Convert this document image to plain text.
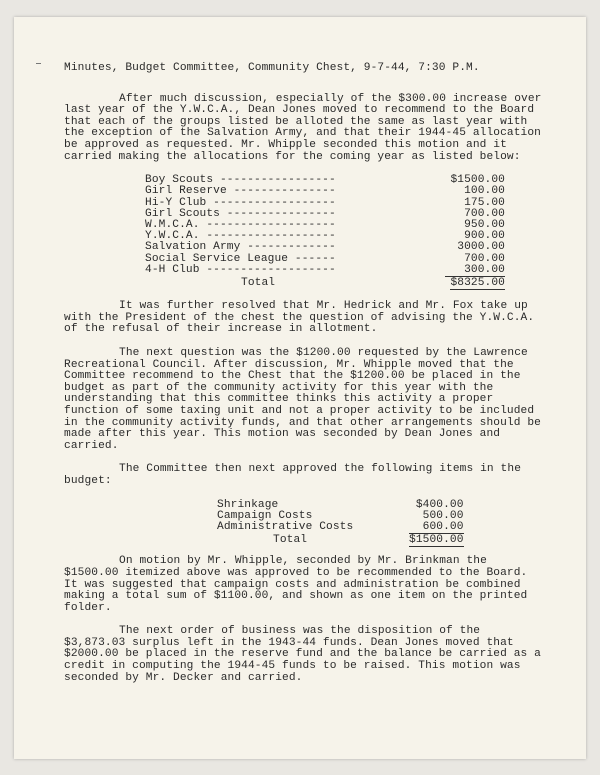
Minutes, Budget Committee, Community Chest, 9-7-44, 7:30 P.M.

After much discussion, especially of the $300.00 increase over last year of the Y.W.C.A., Dean Jones moved to recommend to the Board that each of the groups listed be alloted the same as last year with the exception of the Salvation Army, and that their 1944-45 allocation be approved as requested. Mr. Whipple seconded this motion and it carried making the allocations for the coming year as listed below:

Boy Scouts -----------------	$1500.00
Girl Reserve ---------------	100.00
Hi-Y Club ------------------	175.00
Girl Scouts ----------------	700.00
W.M.C.A. -------------------	950.00
Y.W.C.A. -------------------	900.00
Salvation Army -------------	3000.00
Social Service League ------	700.00
4-H Club -------------------	300.00
Total	$8325.00

It was further resolved that Mr. Hedrick and Mr. Fox take up with the President of the chest the question of advising the Y.W.C.A. of the refusal of their increase in allotment.

The next question was the $1200.00 requested by the Lawrence Recreational Council. After discussion, Mr. Whipple moved that the Committee recommend to the Chest that the $1200.00 be placed in the budget as part of the community activity for this year with the understanding that this committee thinks this activity a proper function of some taxing unit and not a proper activity to be included in the community activity funds, and that other arrangements should be made after this year. This motion was seconded by Dean Jones and carried.

The Committee then next approved the following items in the budget:

Shrinkage	$400.00
Campaign Costs	500.00
Administrative Costs	600.00
Total	$1500.00

On motion by Mr. Whipple, seconded by Mr. Brinkman the $1500.00 itemized above was approved to be recommended to the Board. It was suggested that campaign costs and administration be combined making a total sum of $1100.00, and shown as one item on the printed folder.

The next order of business was the disposition of the $3,873.03 surplus left in the 1943-44 funds. Dean Jones moved that $2000.00 be placed in the reserve fund and the balance be carried as a credit in computing the 1944-45 funds to be raised. This motion was seconded by Mr. Decker and carried.
